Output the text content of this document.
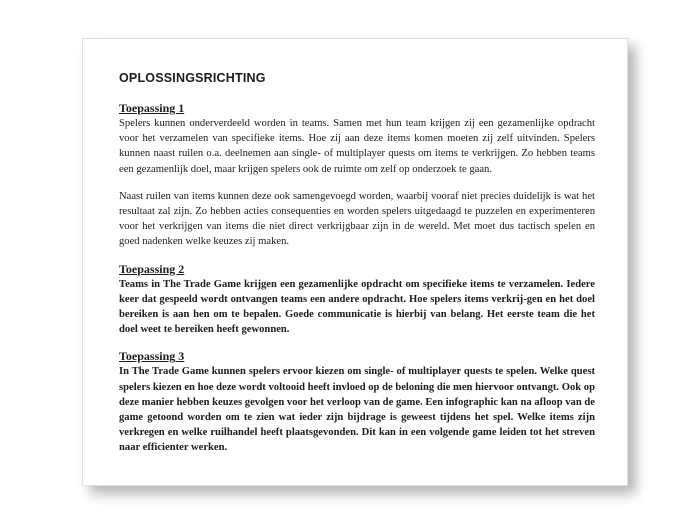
OPLOSSINGSRICHTING
Toepassing 1

Spelers kunnen onderverdeeld worden in teams. Samen met hun team krijgen zij een gezamenlijke opdracht voor het verzamelen van specifieke items. Hoe zij aan deze items komen moeten zij zelf uitvinden. Spelers kunnen naast ruilen o.a. deelnemen aan single- of multiplayer quests om items te verkrijgen. Zo hebben teams een gezamenlijk doel, maar krijgen spelers ook de ruimte om zelf op onderzoek te gaan.

Naast ruilen van items kunnen deze ook samengevoegd worden, waarbij vooraf niet precies duidelijk is wat het resultaat zal zijn. Zo hebben acties consequenties en worden spelers uitgedaagd te puzzelen en experimenteren voor het verkrijgen van items die niet direct verkrijgbaar zijn in de wereld. Met moet dus tactisch spelen en goed nadenken welke keuzes zij maken.

Toepassing 2

Teams in The Trade Game krijgen een gezamenlijke opdracht om specifieke items te verzamelen. Iedere keer dat gespeeld wordt ontvangen teams een andere opdracht. Hoe spelers items verkrij-gen en het doel bereiken is aan hen om te bepalen. Goede communicatie is hierbij van belang. Het eerste team die het doel weet te bereiken heeft gewonnen.

Toepassing 3

In The Trade Game kunnen spelers ervoor kiezen om single- of multiplayer quests te spelen. Welke quest spelers kiezen en hoe deze wordt voltooid heeft invloed op de beloning die men hiervoor ontvangt. Ook op deze manier hebben keuzes gevolgen voor het verloop van de game. Een infographic kan na afloop van de game getoond worden om te zien wat ieder zijn bijdrage is geweest tijdens het spel. Welke items zijn verkregen en welke ruilhandel heeft plaatsgevonden. Dit kan in een volgende game leiden tot het streven naar efficienter werken.
